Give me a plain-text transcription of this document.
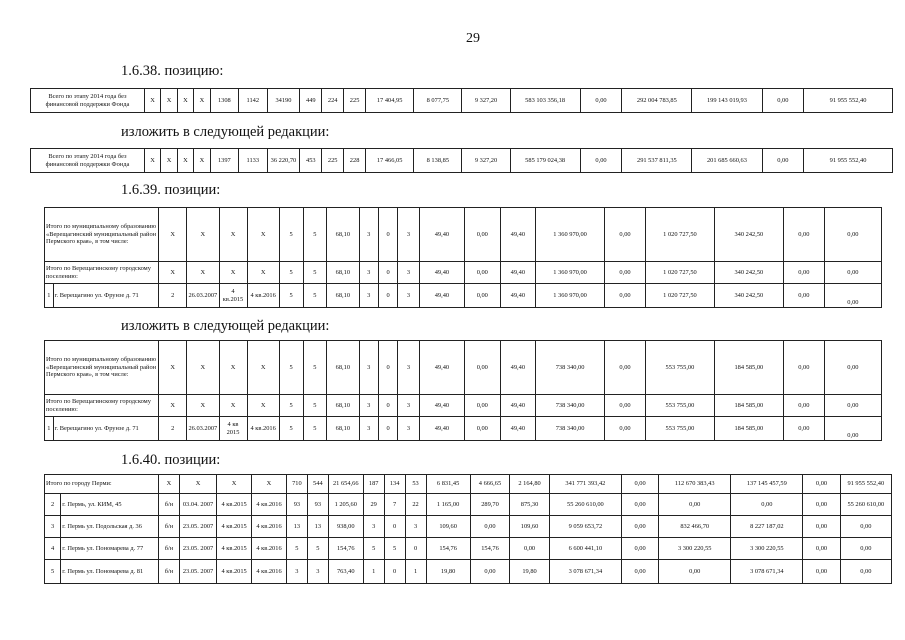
29
1.6.38. позицию:
Всего по этапу 2014 года без финансовой поддержки Фонда	Х	Х	Х	Х	1308	1142	34190	449	224	225	17 404,95	8 077,75	9 327,20	583 103 356,18	0,00	292 004 783,85	199 143 019,93	0,00	91 955 552,40
изложить в следующей редакции:
Всего по этапу 2014 года без финансовой поддержки Фонда	Х	Х	Х	Х	1397	1133	36 220,70	453	225	228	17 466,05	8 138,85	9 327,20	585 179 024,38	0,00	291 537 811,35	201 685 660,63	0,00	91 955 552,40
1.6.39. позиции:
Итого по муниципальному образованию «Верещагинский муниципальный район Пермского края», в том числе:		Х	Х	Х	Х	5	5	68,10	3	0	3	49,40	0,00	49,40	1 360 970,00	0,00	1 020 727,50	340 242,50	0,00	0,00
Итого по Верещагинскому городскому поселению:		Х	Х	Х	Х	5	5	68,10	3	0	3	49,40	0,00	49,40	1 360 970,00	0,00	1 020 727,50	340 242,50	0,00	0,00
1	г. Верещагино ул. Фрунзе д. 71	2	26.03.2007	4 кв.2015	4 кв.2016	5	5	68,10	3	0	3	49,40	0,00	49,40	1 360 970,00	0,00	1 020 727,50	340 242,50	0,00	0,00
изложить в следующей редакции:
Итого по муниципальному образованию «Верещагинский муниципальный район Пермского края», в том числе:		Х	Х	Х	Х	5	5	68,10	3	0	3	49,40	0,00	49,40	738 340,00	0,00	553 755,00	184 585,00	0,00	0,00
Итого по Верещагинскому городскому поселению:		Х	Х	Х	Х	5	5	68,10	3	0	3	49,40	0,00	49,40	738 340,00	0,00	553 755,00	184 585,00	0,00	0,00
1	г. Верещагино ул. Фрунзе д. 71	2	26.03.2007	4 кв 2015	4 кв.2016	5	5	68,10	3	0	3	49,40	0,00	49,40	738 340,00	0,00	553 755,00	184 585,00	0,00	0,00
1.6.40. позиции:
Итого по городу Перми:		Х	Х	Х	Х	710	544	21 654,66	187	134	53	6 831,45	4 666,65	2 164,80	341 771 393,42	0,00	112 670 383,43	137 145 457,59	0,00	91 955 552,40
2	г. Пермь, ул. КИМ, 45	б/н	03.04. 2007	4 кв.2015	4 кв.2016	93	93	1 205,60	29	7	22	1 165,00	289,70	875,30	55 260 610,00	0,00	0,00	0,00	0,00	55 260 610,00
3	г. Пермь ул. Подольская д. 36	б/н	23.05. 2007	4 кв.2015	4 кв.2016	13	13	938,00	3	0	3	109,60	0,00	109,60	9 059 653,72	0,00	832 466,70	8 227 187,02	0,00	0,00
4	г. Пермь ул. Пономарева д. 77	б/н	23.05. 2007	4 кв.2015	4 кв.2016	5	5	154,76	5	5	0	154,76	154,76	0,00	6 600 441,10	0,00	3 300 220,55	3 300 220,55	0,00	0,00
5	г. Пермь ул. Пономарева д. 81	б/н	23.05. 2007	4 кв.2015	4 кв.2016	3	3	763,40	1	0	1	19,80	0,00	19,80	3 078 671,34	0,00	0,00	3 078 671,34	0,00	0,00
